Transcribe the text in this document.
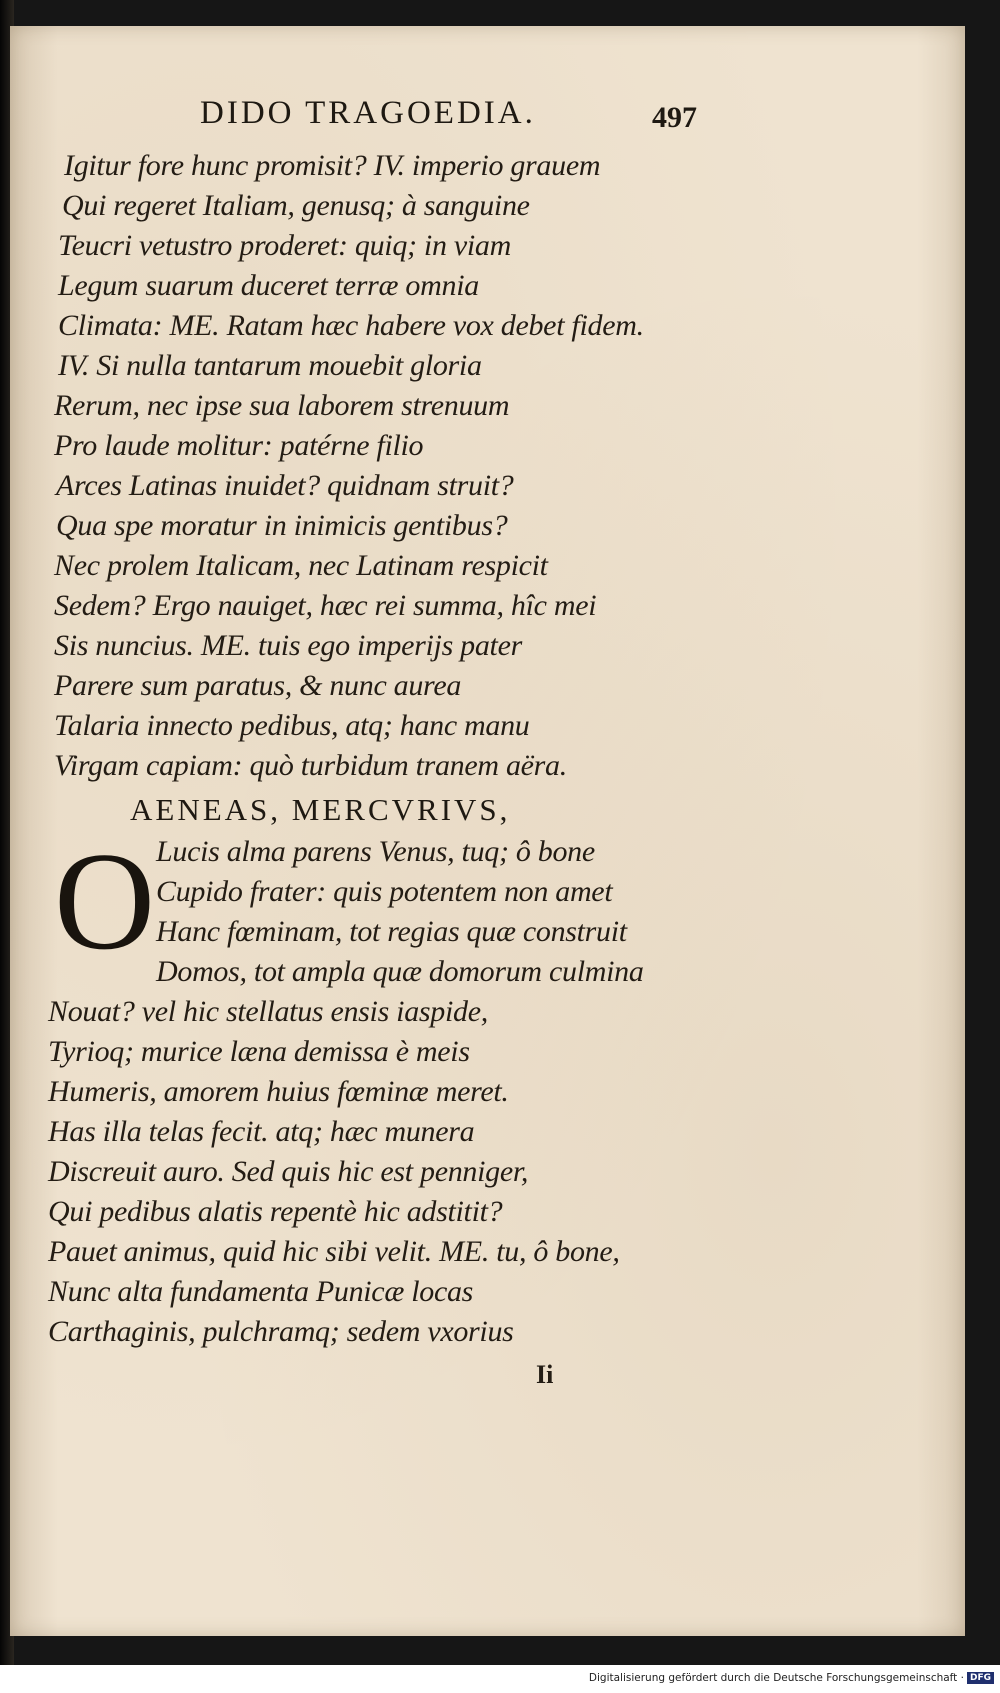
DIDO TRAGOEDIA.	497
Igitur fore hunc promisit? IV. imperio grauem
Qui regeret Italiam, genusq; à sanguine
Teucri vetustro proderet: quiq; in viam
Legum suarum duceret terræ omnia
Climata: ME. Ratam hæc habere vox debet fidem.
IV. Si nulla tantarum mouebit gloria
Rerum, nec ipse sua laborem strenuum
Pro laude molitur: patérne filio
Arces Latinas inuidet? quidnam struit?
Qua spe moratur in inimicis gentibus?
Nec prolem Italicam, nec Latinam respicit
Sedem? Ergo nauiget, hæc rei summa, hîc mei
Sis nuncius. ME. tuis ego imperijs pater
Parere sum paratus, & nunc aurea
Talaria innecto pedibus, atq; hanc manu
Virgam capiam: quò turbidum tranem aëra.
AENEAS, MERCVRIVS,
O Lucis alma parens Venus, tuq; ô bone
Cupido frater: quis potentem non amet
Hanc fœminam, tot regias quæ construit
Domos, tot ampla quæ domorum culmina
Nouat? vel hic stellatus ensis iaspide,
Tyrioq; murice læna demissa è meis
Humeris, amorem huius fœminæ meret.
Has illa telas fecit. atq; hæc munera
Discreuit auro. Sed quis hic est penniger,
Qui pedibus alatis repentè hic adstitit?
Pauet animus, quid hic sibi velit. ME. tu, ô bone,
Nunc alta fundamenta Punicæ locas
Carthaginis, pulchramq; sedem vxorius
Ii
Digitalisierung gefördert durch die Deutsche Forschungsgemeinschaft · DFG
